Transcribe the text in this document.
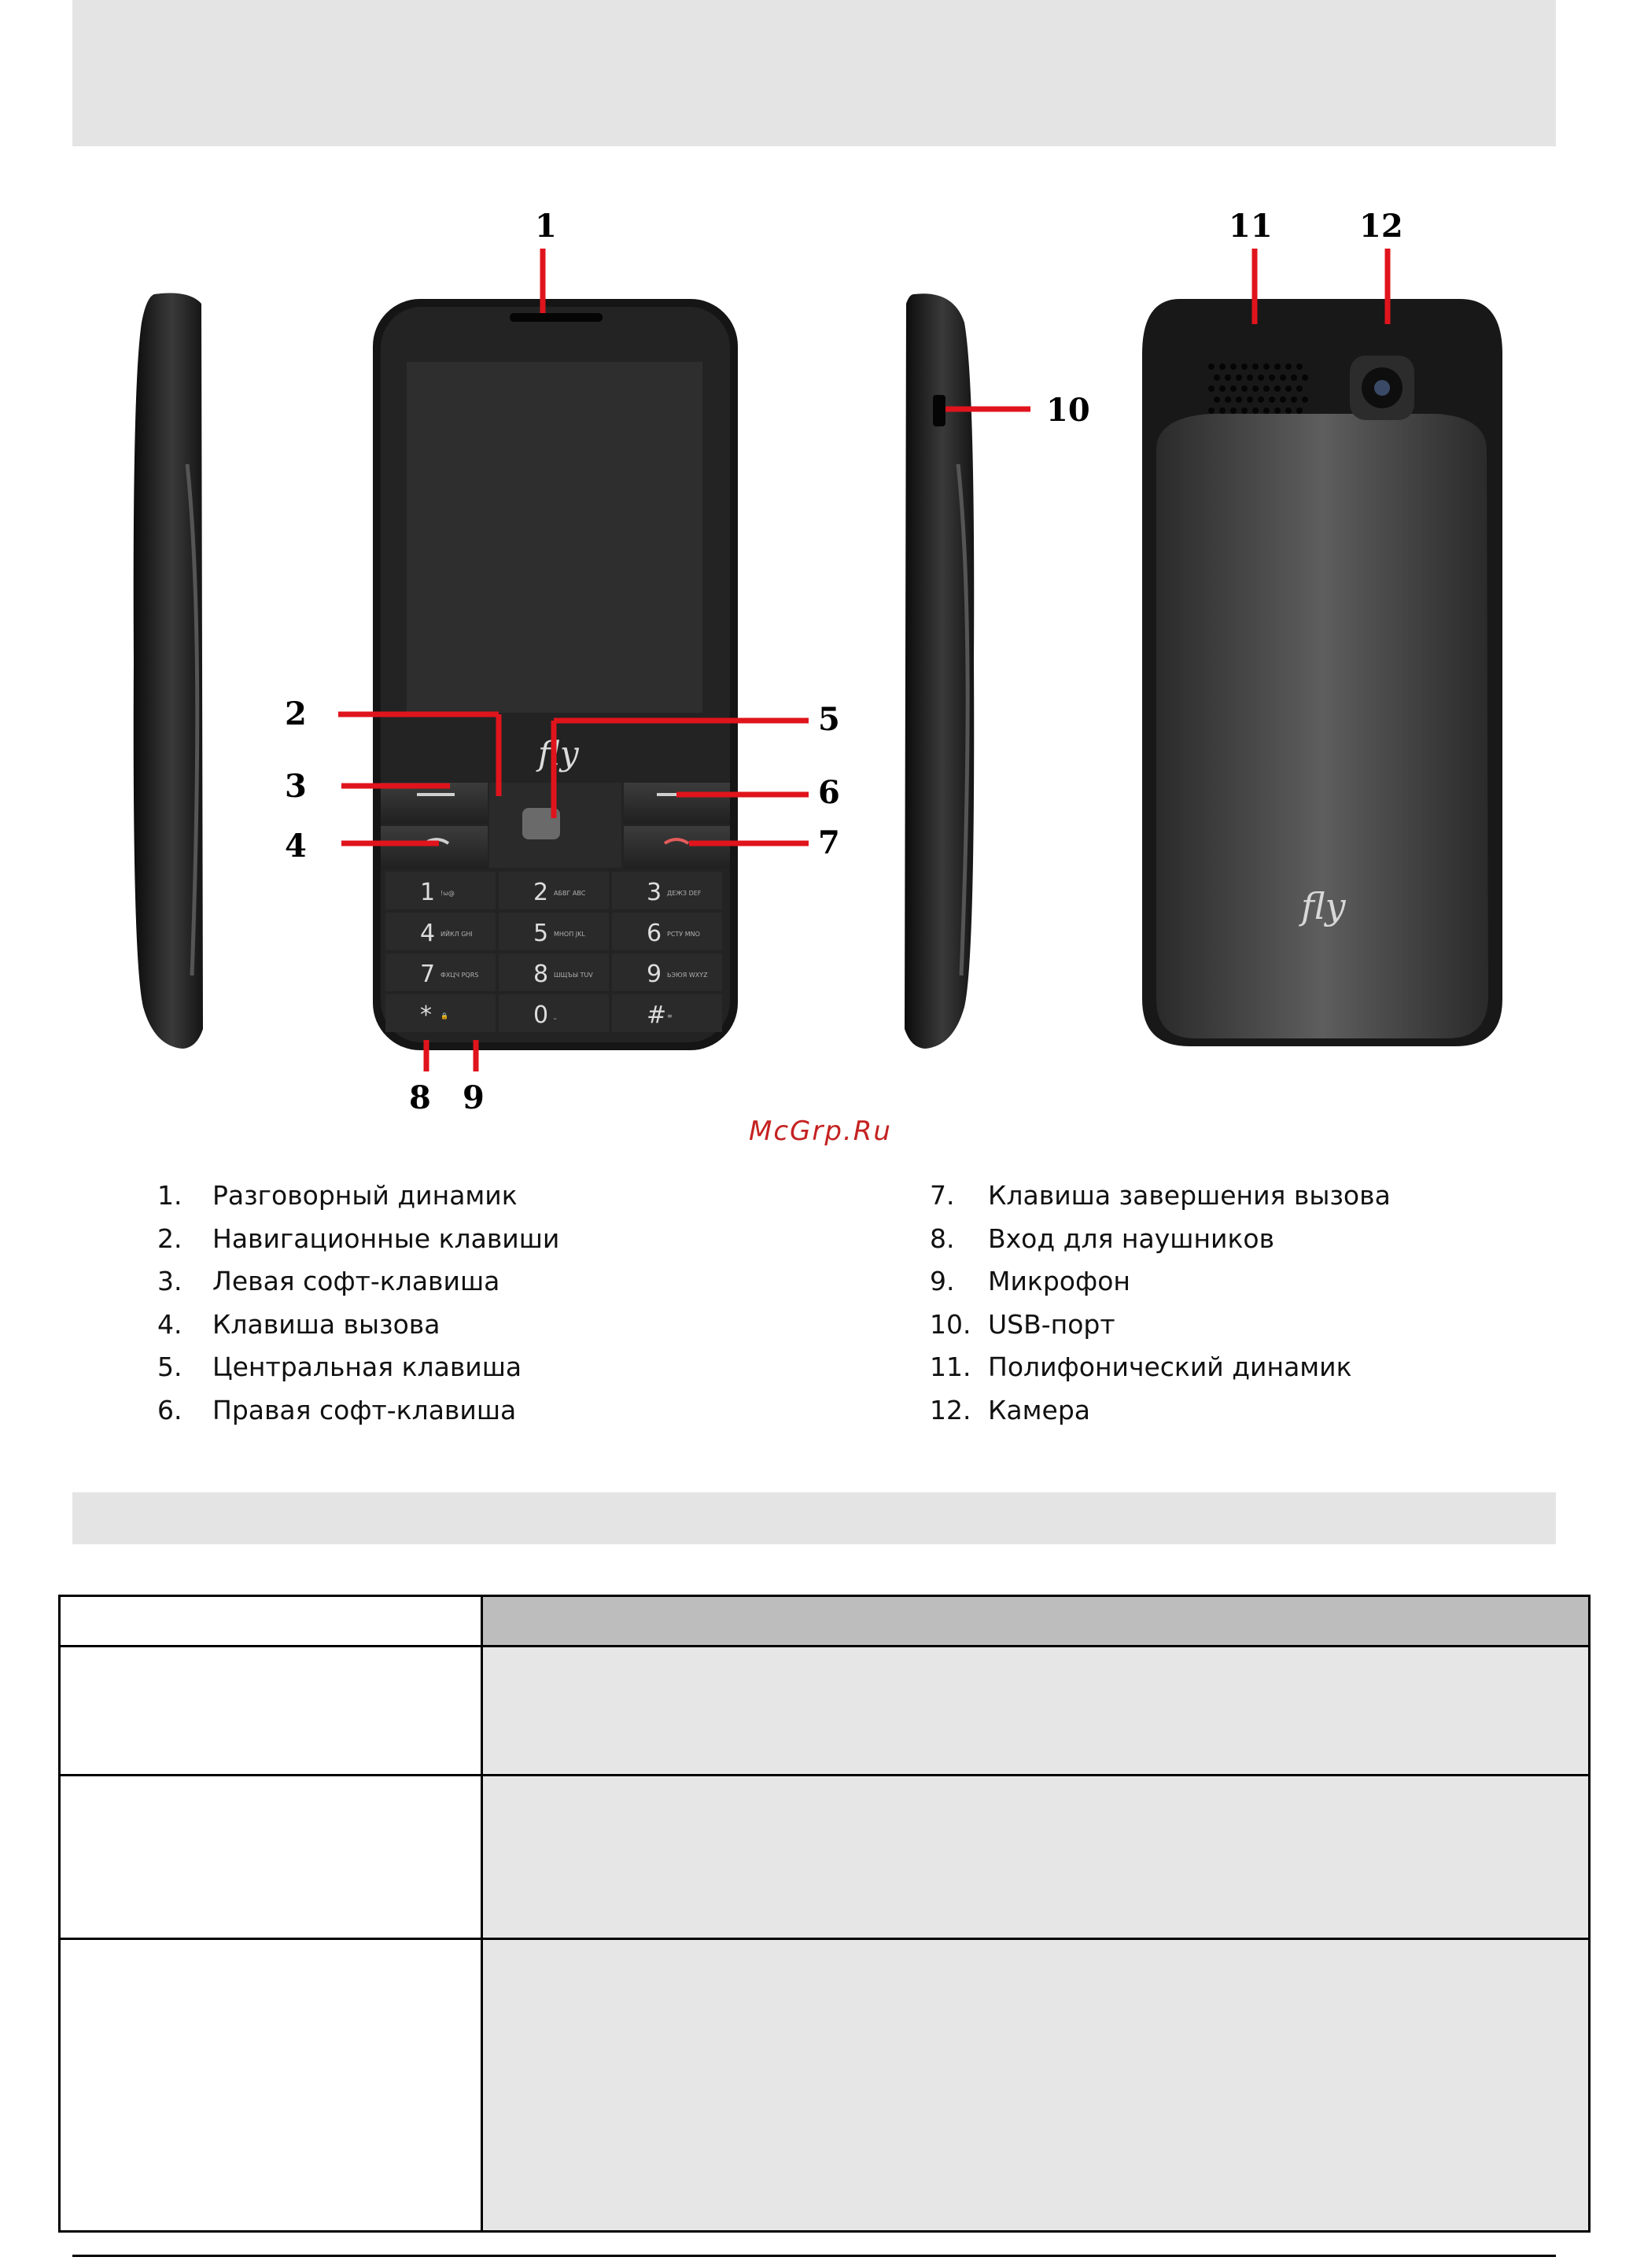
fly
1 !ω@	2 АБВГ ABC	3 ДЕЖЗ DEF
4 ИЙКЛ GHI	5 МНОП JKL	6 РСТУ MNO
7 ФХЦЧ PQRS 8 ШЩЪЫ TUV 9 ЬЭЮЯ WXYZ
* 🔒	0 ⎵	# ≡
fly
1
2
3
4
5
6
7
8 9
10
11	12
McGrp.Ru
1. Разговорный динамик
2. Навигационные клавиши
3. Левая софт-клавиша
4. Клавиша вызова
5. Центральная клавиша
6. Правая софт-клавиша
7. Клавиша завершения вызова
8. Вход для наушников
9. Микрофон
10. USB-порт
11. Полифонический динамик
12. Камера
